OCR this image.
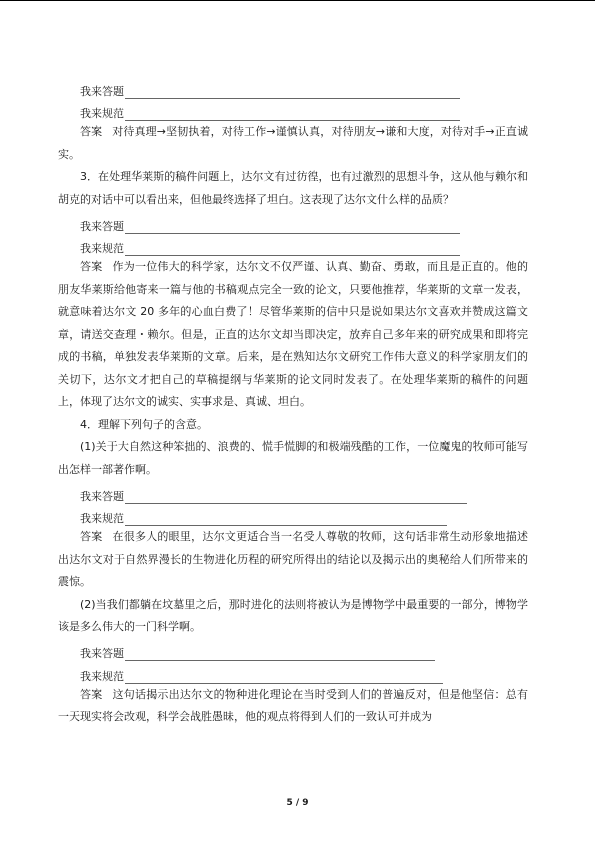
我来答题
我来规范

答案 对待真理→坚韧执着，对待工作→谨慎认真，对待朋友→谦和大度，对待对手→正直诚实。

3．在处理华莱斯的稿件问题上，达尔文有过彷徨，也有过激烈的思想斗争，这从他与赖尔和胡克的对话中可以看出来，但他最终选择了坦白。这表现了达尔文什么样的品质？

我来答题
我来规范

答案 作为一位伟大的科学家，达尔文不仅严谨、认真、勤奋、勇敢，而且是正直的。他的朋友华莱斯给他寄来一篇与他的书稿观点完全一致的论文，只要他推荐，华莱斯的文章一发表，就意味着达尔文 20 多年的心血白费了！尽管华莱斯的信中只是说如果达尔文喜欢并赞成这篇文章，请送交查理・赖尔。但是，正直的达尔文却当即决定，放弃自己多年来的研究成果和即将完成的书稿，单独发表华莱斯的文章。后来，是在熟知达尔文研究工作伟大意义的科学家朋友们的关切下，达尔文才把自己的草稿提纲与华莱斯的论文同时发表了。在处理华莱斯的稿件的问题上，体现了达尔文的诚实、实事求是、真诚、坦白。

4．理解下列句子的含意。

(1)关于大自然这种笨拙的、浪费的、慌手慌脚的和极端残酷的工作，一位魔鬼的牧师可能写出怎样一部著作啊。

我来答题
我来规范

答案 在很多人的眼里，达尔文更适合当一名受人尊敬的牧师，这句话非常生动形象地描述出达尔文对于自然界漫长的生物进化历程的研究所得出的结论以及揭示出的奥秘给人们所带来的震惊。

(2)当我们都躺在坟墓里之后，那时进化的法则将被认为是博物学中最重要的一部分，博物学该是多么伟大的一门科学啊。

我来答题
我来规范

答案 这句话揭示出达尔文的物种进化理论在当时受到人们的普遍反对，但是他坚信：总有一天现实将会改观，科学会战胜愚昧，他的观点将得到人们的一致认可并成为

5 / 9
